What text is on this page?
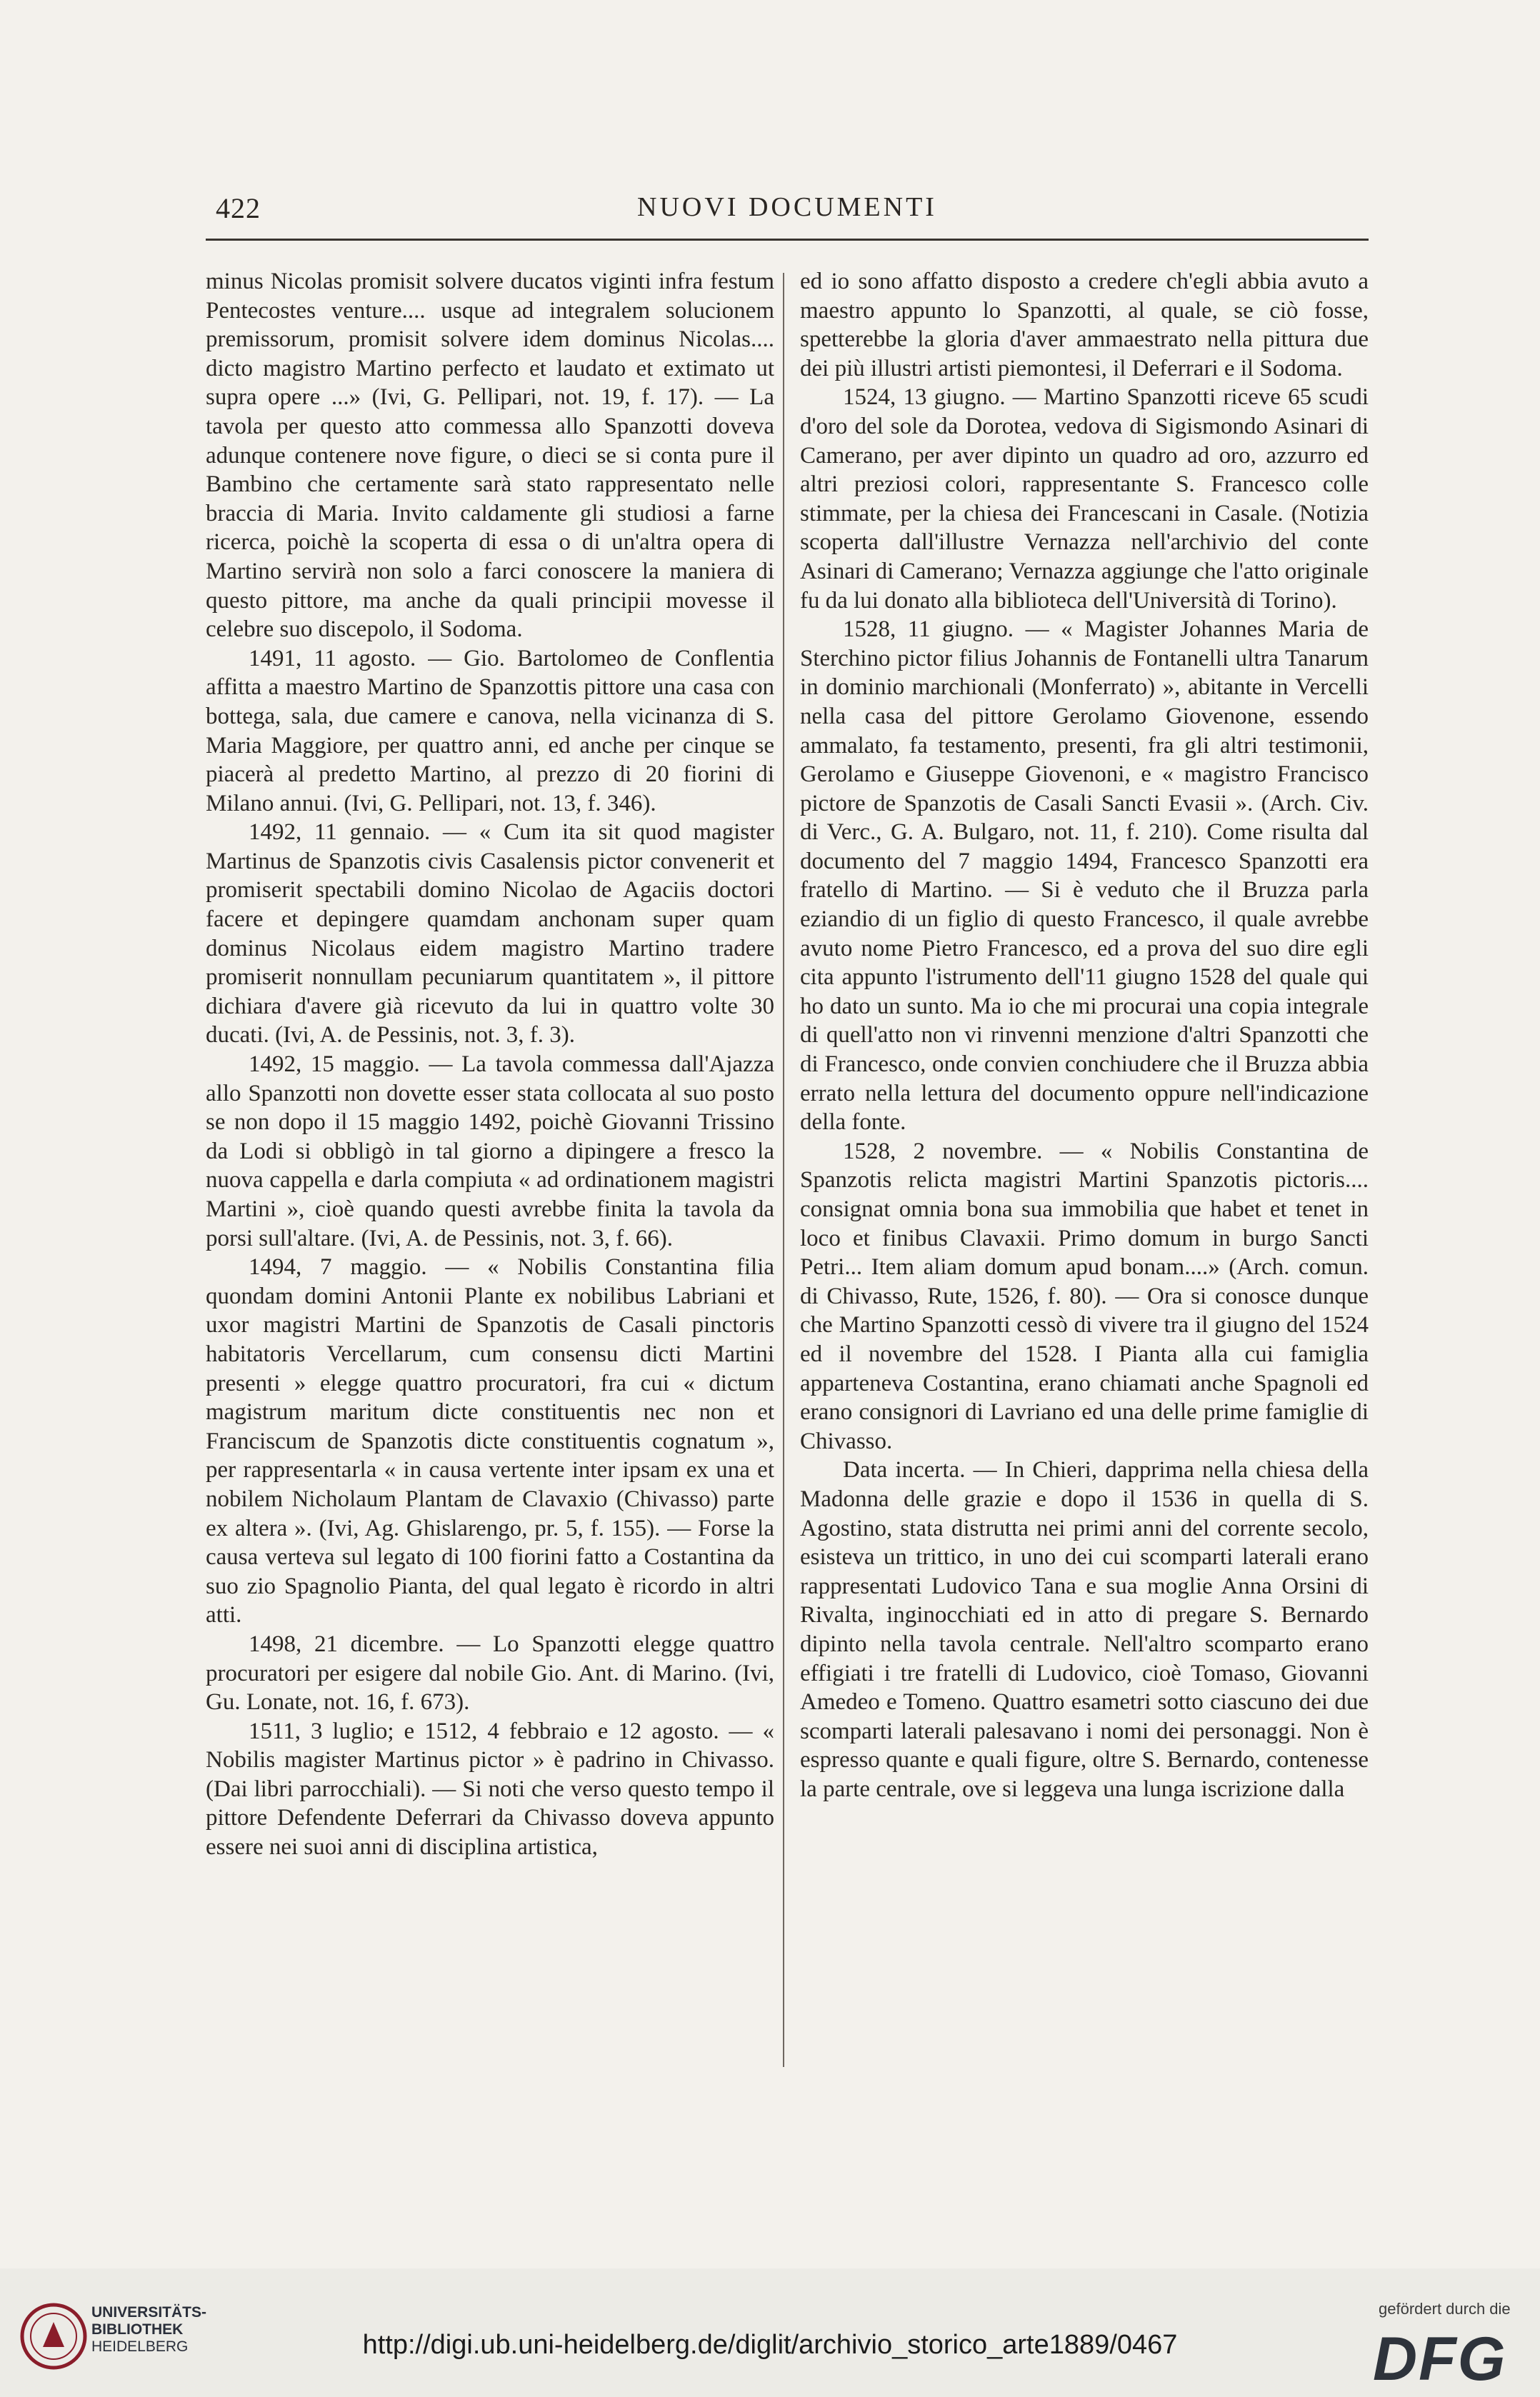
422	NUOVI DOCUMENTI

minus Nicolas promisit solvere ducatos viginti infra festum Pentecostes venture.... usque ad integralem solucionem premissorum, promisit solvere idem dominus Nicolas.... dicto magistro Martino perfecto et laudato et extimato ut supra opere ...» (Ivi, G. Pellipari, not. 19, f. 17). — La tavola per questo atto commessa allo Spanzotti doveva adunque contenere nove figure, o dieci se si conta pure il Bambino che certamente sarà stato rappresentato nelle braccia di Maria. Invito caldamente gli studiosi a farne ricerca, poichè la scoperta di essa o di un'altra opera di Martino servirà non solo a farci conoscere la maniera di questo pittore, ma anche da quali principii movesse il celebre suo discepolo, il Sodoma.

1491, 11 agosto. — Gio. Bartolomeo de Conflentia affitta a maestro Martino de Spanzottis pittore una casa con bottega, sala, due camere e canova, nella vicinanza di S. Maria Maggiore, per quattro anni, ed anche per cinque se piacerà al predetto Martino, al prezzo di 20 fiorini di Milano annui. (Ivi, G. Pellipari, not. 13, f. 346).

1492, 11 gennaio. — « Cum ita sit quod magister Martinus de Spanzotis civis Casalensis pictor convenerit et promiserit spectabili domino Nicolao de Agaciis doctori facere et depingere quamdam anchonam super quam dominus Nicolaus eidem magistro Martino tradere promiserit nonnullam pecuniarum quantitatem », il pittore dichiara d'avere già ricevuto da lui in quattro volte 30 ducati. (Ivi, A. de Pessinis, not. 3, f. 3).

1492, 15 maggio. — La tavola commessa dall'Ajazza allo Spanzotti non dovette esser stata collocata al suo posto se non dopo il 15 maggio 1492, poichè Giovanni Trissino da Lodi si obbligò in tal giorno a dipingere a fresco la nuova cappella e darla compiuta « ad ordinationem magistri Martini », cioè quando questi avrebbe finita la tavola da porsi sull'altare. (Ivi, A. de Pessinis, not. 3, f. 66).

1494, 7 maggio. — « Nobilis Constantina filia quondam domini Antonii Plante ex nobilibus Labriani et uxor magistri Martini de Spanzotis de Casali pinctoris habitatoris Vercellarum, cum consensu dicti Martini presenti » elegge quattro procuratori, fra cui « dictum magistrum maritum dicte constituentis nec non et Franciscum de Spanzotis dicte constituentis cognatum », per rappresentarla « in causa vertente inter ipsam ex una et nobilem Nicholaum Plantam de Clavaxio (Chivasso) parte ex altera ». (Ivi, Ag. Ghislarengo, pr. 5, f. 155). — Forse la causa verteva sul legato di 100 fiorini fatto a Costantina da suo zio Spagnolio Pianta, del qual legato è ricordo in altri atti.

1498, 21 dicembre. — Lo Spanzotti elegge quattro procuratori per esigere dal nobile Gio. Ant. di Marino. (Ivi, Gu. Lonate, not. 16, f. 673).

1511, 3 luglio; e 1512, 4 febbraio e 12 agosto. — « Nobilis magister Martinus pictor » è padrino in Chivasso. (Dai libri parrocchiali). — Si noti che verso questo tempo il pittore Defendente Deferrari da Chivasso doveva appunto essere nei suoi anni di disciplina artistica,

ed io sono affatto disposto a credere ch'egli abbia avuto a maestro appunto lo Spanzotti, al quale, se ciò fosse, spetterebbe la gloria d'aver ammaestrato nella pittura due dei più illustri artisti piemontesi, il Deferrari e il Sodoma.

1524, 13 giugno. — Martino Spanzotti riceve 65 scudi d'oro del sole da Dorotea, vedova di Sigismondo Asinari di Camerano, per aver dipinto un quadro ad oro, azzurro ed altri preziosi colori, rappresentante S. Francesco colle stimmate, per la chiesa dei Francescani in Casale. (Notizia scoperta dall'illustre Vernazza nell'archivio del conte Asinari di Camerano; Vernazza aggiunge che l'atto originale fu da lui donato alla biblioteca dell'Università di Torino).

1528, 11 giugno. — « Magister Johannes Maria de Sterchino pictor filius Johannis de Fontanelli ultra Tanarum in dominio marchionali (Monferrato) », abitante in Vercelli nella casa del pittore Gerolamo Giovenone, essendo ammalato, fa testamento, presenti, fra gli altri testimonii, Gerolamo e Giuseppe Giovenoni, e « magistro Francisco pictore de Spanzotis de Casali Sancti Evasii ». (Arch. Civ. di Verc., G. A. Bulgaro, not. 11, f. 210). Come risulta dal documento del 7 maggio 1494, Francesco Spanzotti era fratello di Martino. — Si è veduto che il Bruzza parla eziandio di un figlio di questo Francesco, il quale avrebbe avuto nome Pietro Francesco, ed a prova del suo dire egli cita appunto l'istrumento dell'11 giugno 1528 del quale qui ho dato un sunto. Ma io che mi procurai una copia integrale di quell'atto non vi rinvenni menzione d'altri Spanzotti che di Francesco, onde convien conchiudere che il Bruzza abbia errato nella lettura del documento oppure nell'indicazione della fonte.

1528, 2 novembre. — « Nobilis Constantina de Spanzotis relicta magistri Martini Spanzotis pictoris.... consignat omnia bona sua immobilia que habet et tenet in loco et finibus Clavaxii. Primo domum in burgo Sancti Petri... Item aliam domum apud bonam....» (Arch. comun. di Chivasso, Rute, 1526, f. 80). — Ora si conosce dunque che Martino Spanzotti cessò di vivere tra il giugno del 1524 ed il novembre del 1528. I Pianta alla cui famiglia apparteneva Costantina, erano chiamati anche Spagnoli ed erano consignori di Lavriano ed una delle prime famiglie di Chivasso.

Data incerta. — In Chieri, dapprima nella chiesa della Madonna delle grazie e dopo il 1536 in quella di S. Agostino, stata distrutta nei primi anni del corrente secolo, esisteva un trittico, in uno dei cui scomparti laterali erano rappresentati Ludovico Tana e sua moglie Anna Orsini di Rivalta, inginocchiati ed in atto di pregare S. Bernardo dipinto nella tavola centrale. Nell'altro scomparto erano effigiati i tre fratelli di Ludovico, cioè Tomaso, Giovanni Amedeo e Tomeno. Quattro esametri sotto ciascuno dei due scomparti laterali palesavano i nomi dei personaggi. Non è espresso quante e quali figure, oltre S. Bernardo, contenesse la parte centrale, ove si leggeva una lunga iscrizione dalla

UNIVERSITÄTS-
BIBLIOTHEK
HEIDELBERG	http://digi.ub.uni-heidelberg.de/diglit/archivio_storico_arte1889/0467
gefördert durch die
DFG
